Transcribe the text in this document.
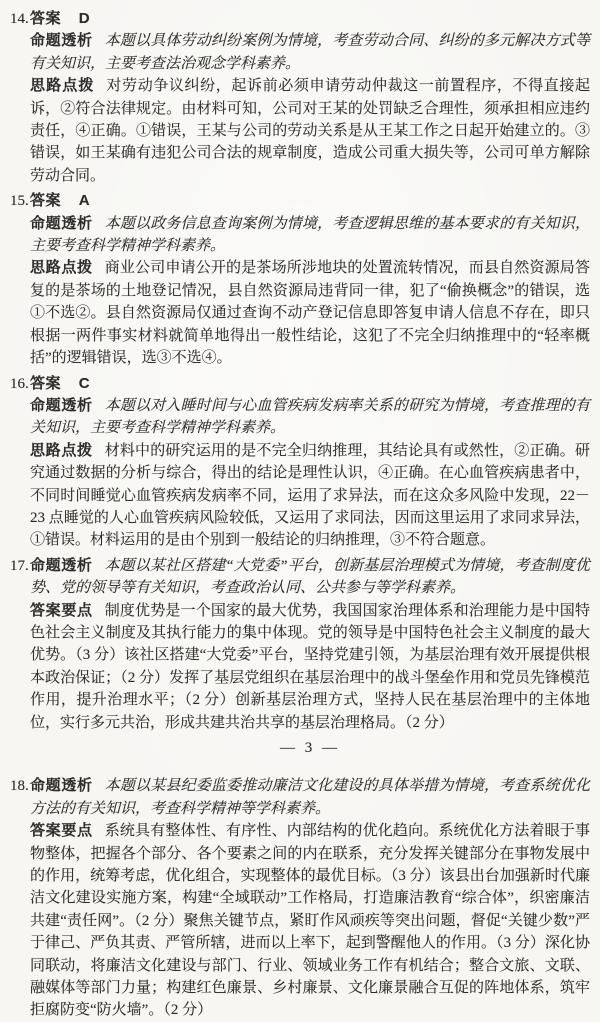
14. 答案 D

命题透析 本题以具体劳动纠纷案例为情境，考查劳动合同、纠纷的多元解决方式等有关知识，主要考查法治观念学科素养。

思路点拨 对劳动争议纠纷，起诉前必须申请劳动仲裁这一前置程序，不得直接起诉，②符合法律规定。由材料可知，公司对王某的处罚缺乏合理性，须承担相应违约责任，④正确。①错误，王某与公司的劳动关系是从王某工作之日起开始建立的。③错误，如王某确有违犯公司合法的规章制度，造成公司重大损失等，公司可单方解除劳动合同。

15. 答案 A

命题透析 本题以政务信息查询案例为情境，考查逻辑思维的基本要求的有关知识，主要考查科学精神学科素养。

思路点拨 商业公司申请公开的是茶场所涉地块的处置流转情况，而县自然资源局答复的是茶场的土地登记情况，县自然资源局违背同一律，犯了“偷换概念”的错误，选①不选②。县自然资源局仅通过查询不动产登记信息即答复申请人信息不存在，即只根据一两件事实材料就简单地得出一般性结论，这犯了不完全归纳推理中的“轻率概括”的逻辑错误，选③不选④。

16. 答案 C

命题透析 本题以对入睡时间与心血管疾病发病率关系的研究为情境，考查推理的有关知识，主要考查科学精神学科素养。

思路点拨 材料中的研究运用的是不完全归纳推理，其结论具有或然性，②正确。研究通过数据的分析与综合，得出的结论是理性认识，④正确。在心血管疾病患者中，不同时间睡觉心血管疾病发病率不同，运用了求异法，而在这众多风险中发现，22－23 点睡觉的人心血管疾病风险较低，又运用了求同法，因而这里运用了求同求异法，①错误。材料运用的是由个别到一般结论的归纳推理，③不符合题意。

17. 命题透析 本题以某社区搭建“大党委”平台，创新基层治理模式为情境，考查制度优势、党的领导等有关知识，考查政治认同、公共参与等学科素养。

答案要点 制度优势是一个国家的最大优势，我国国家治理体系和治理能力是中国特色社会主义制度及其执行能力的集中体现。党的领导是中国特色社会主义制度的最大优势。（3 分）该社区搭建“大党委”平台，坚持党建引领，为基层治理有效开展提供根本政治保证；（2 分）发挥了基层党组织在基层治理中的战斗堡垒作用和党员先锋模范作用，提升治理水平；（2 分）创新基层治理方式，坚持人民在基层治理中的主体地位，实行多元共治，形成共建共治共享的基层治理格局。（2 分）

— 3 —

18. 命题透析 本题以某县纪委监委推动廉洁文化建设的具体举措为情境，考查系统优化方法的有关知识，考查科学精神等学科素养。

答案要点 系统具有整体性、有序性、内部结构的优化趋向。系统优化方法着眼于事物整体，把握各个部分、各个要素之间的内在联系，充分发挥关键部分在事物发展中的作用，统筹考虑，优化组合，实现整体的最优目标。（3 分）该县出台加强新时代廉洁文化建设实施方案，构建“全域联动”工作格局，打造廉洁教育“综合体”，织密廉洁共建“责任网”。（2 分）聚焦关键节点，紧盯作风顽疾等突出问题，督促“关键少数”严于律己、严负其责、严管所辖，进而以上率下，起到警醒他人的作用。（3 分）深化协同联动，将廉洁文化建设与部门、行业、领域业务工作有机结合；整合文旅、文联、融媒体等部门力量；构建红色廉景、乡村廉景、文化廉景融合互促的阵地体系，筑牢拒腐防变“防火墙”。（2 分）
